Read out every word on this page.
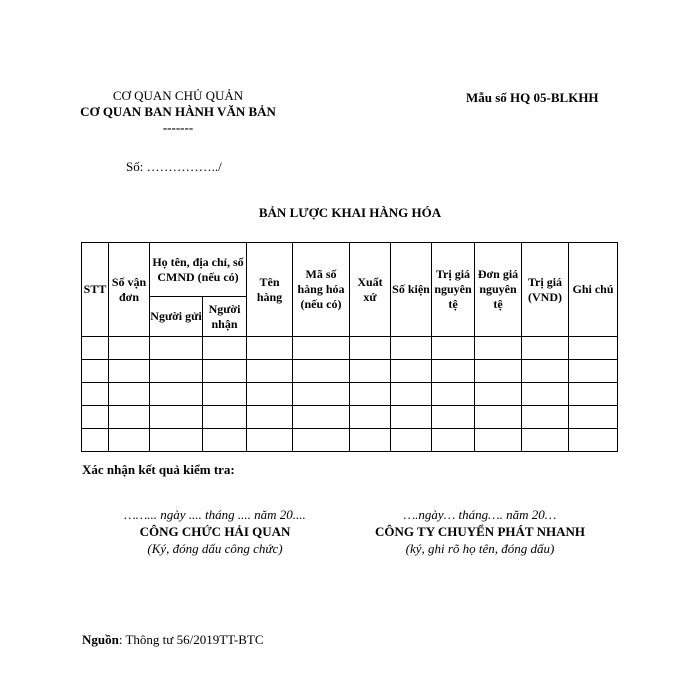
CƠ QUAN CHỦ QUẢN
CƠ QUAN BAN HÀNH VĂN BẢN
-------
Mẫu số HQ 05-BLKHH
Số: ……………../
BẢN LƯỢC KHAI HÀNG HÓA
STT	Số vận đơn	Họ tên, địa chỉ, số CMND (nếu có)		Tên hàng	Mã số hàng hóa (nếu có)	Xuất xứ	Số kiện	Trị giá nguyên tệ	Đơn giá nguyên tệ	Trị giá (VND)	Ghi chú
		Người gửi	Người nhận								

Xác nhận kết quả kiểm tra:
……... ngày .... tháng .... năm 20....
CÔNG CHỨC HẢI QUAN
(Ký, đóng dấu công chức)
….ngày… tháng…. năm 20…
CÔNG TY CHUYỂN PHÁT NHANH
(ký, ghi rõ họ tên, đóng dấu)
Nguồn: Thông tư 56/2019TT-BTC
